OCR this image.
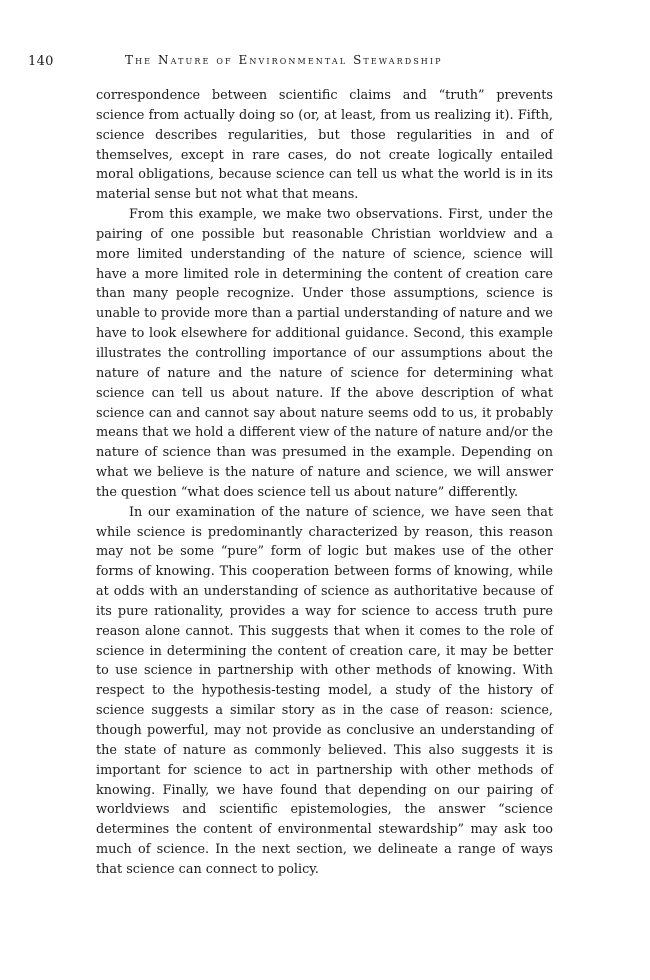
140	The Nature of Environmental Stewardship

correspondence between scientific claims and “truth” prevents science from actually doing so (or, at least, from us realizing it). Fifth, science describes regularities, but those regularities in and of themselves, except in rare cases, do not create logically entailed moral obligations, because science can tell us what the world is in its material sense but not what that means.

From this example, we make two observations. First, under the pairing of one possible but reasonable Christian worldview and a more limited understanding of the nature of science, science will have a more limited role in determining the content of creation care than many people recognize. Under those assumptions, science is unable to provide more than a partial understanding of nature and we have to look elsewhere for additional guidance. Second, this example illustrates the controlling importance of our assumptions about the nature of nature and the nature of science for determining what science can tell us about nature. If the above description of what science can and cannot say about nature seems odd to us, it probably means that we hold a different view of the nature of nature and/or the nature of science than was presumed in the example. Depending on what we believe is the nature of nature and science, we will answer the question “what does science tell us about nature” differently.

In our examination of the nature of science, we have seen that while science is predominantly characterized by reason, this reason may not be some “pure” form of logic but makes use of the other forms of knowing. This cooperation between forms of knowing, while at odds with an understanding of science as authoritative because of its pure rationality, provides a way for science to access truth pure reason alone cannot. This suggests that when it comes to the role of science in determining the content of creation care, it may be better to use science in partnership with other methods of knowing. With respect to the hypothesis-testing model, a study of the history of science suggests a similar story as in the case of reason: science, though powerful, may not provide as conclusive an understanding of the state of nature as commonly believed. This also suggests it is important for science to act in partnership with other methods of knowing. Finally, we have found that depending on our pairing of worldviews and scientific epistemologies, the answer “science determines the content of environmental stewardship” may ask too much of science. In the next section, we delineate a range of ways that science can connect to policy.
